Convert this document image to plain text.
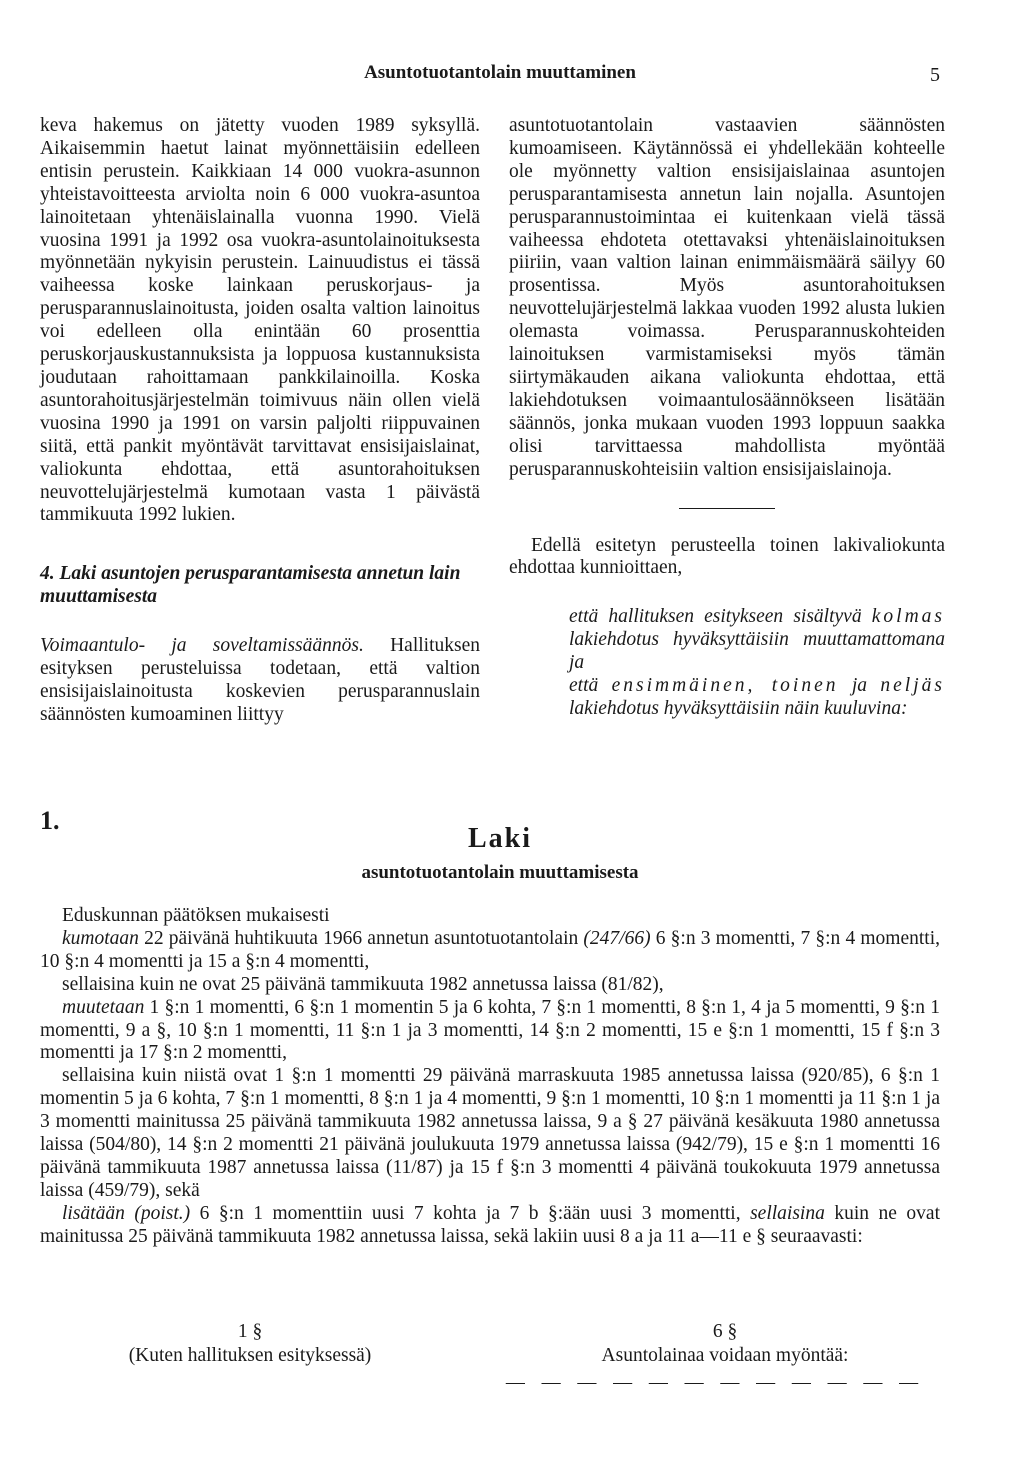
Asuntotuotantolain muuttaminen	5

keva hakemus on jätetty vuoden 1989 syksyllä. Aikaisemmin haetut lainat myönnettäisiin edelleen entisin perustein. Kaikkiaan 14 000 vuokra-asunnon yhteistavoitteesta arviolta noin 6 000 vuokra-asuntoa lainoitetaan yhtenäislainalla vuonna 1990. Vielä vuosina 1991 ja 1992 osa vuokra-asuntolainoituksesta myönnetään nykyisin perustein. Lainuudistus ei tässä vaiheessa koske lainkaan peruskorjaus- ja perusparannuslainoitusta, joiden osalta valtion lainoitus voi edelleen olla enintään 60 prosenttia peruskorjauskustannuksista ja loppuosa kustannuksista joudutaan rahoittamaan pankkilainoilla. Koska asuntorahoitusjärjestelmän toimivuus näin ollen vielä vuosina 1990 ja 1991 on varsin paljolti riippuvainen siitä, että pankit myöntävät tarvittavat ensisijaislainat, valiokunta ehdottaa, että asuntorahoituksen neuvottelujärjestelmä kumotaan vasta 1 päivästä tammikuuta 1992 lukien.

4. Laki asuntojen perusparantamisesta annetun lain muuttamisesta

Voimaantulo- ja soveltamissäännös. Hallituksen esityksen perusteluissa todetaan, että valtion ensisijaislainoitusta koskevien perusparannuslain säännösten kumoaminen liittyy

asuntotuotantolain vastaavien säännösten kumoamiseen. Käytännössä ei yhdellekään kohteelle ole myönnetty valtion ensisijaislainaa asuntojen perusparantamisesta annetun lain nojalla. Asuntojen perusparannustoimintaa ei kuitenkaan vielä tässä vaiheessa ehdoteta otettavaksi yhtenäislainoituksen piiriin, vaan valtion lainan enimmäismäärä säilyy 60 prosentissa. Myös asuntorahoituksen neuvottelujärjestelmä lakkaa vuoden 1992 alusta lukien olemasta voimassa. Perusparannuskohteiden lainoituksen varmistamiseksi myös tämän siirtymäkauden aikana valiokunta ehdottaa, että lakiehdotuksen voimaantulosäännökseen lisätään säännös, jonka mukaan vuoden 1993 loppuun saakka olisi tarvittaessa mahdollista myöntää perusparannuskohteisiin valtion ensisijaislainoja.

Edellä esitetyn perusteella toinen lakivaliokunta ehdottaa kunnioittaen,

että hallituksen esitykseen sisältyvä kolmas lakiehdotus hyväksyttäisiin muuttamattomana ja

että ensimmäinen, toinen ja neljäs lakiehdotus hyväksyttäisiin näin kuuluvina:

1.
Laki
asuntotuotantolain muuttamisesta

Eduskunnan päätöksen mukaisesti

kumotaan 22 päivänä huhtikuuta 1966 annetun asuntotuotantolain (247/66) 6 §:n 3 momentti, 7 §:n 4 momentti, 10 §:n 4 momentti ja 15 a §:n 4 momentti,

sellaisina kuin ne ovat 25 päivänä tammikuuta 1982 annetussa laissa (81/82),

muutetaan 1 §:n 1 momentti, 6 §:n 1 momentin 5 ja 6 kohta, 7 §:n 1 momentti, 8 §:n 1, 4 ja 5 momentti, 9 §:n 1 momentti, 9 a §, 10 §:n 1 momentti, 11 §:n 1 ja 3 momentti, 14 §:n 2 momentti, 15 e §:n 1 momentti, 15 f §:n 3 momentti ja 17 §:n 2 momentti,

sellaisina kuin niistä ovat 1 §:n 1 momentti 29 päivänä marraskuuta 1985 annetussa laissa (920/85), 6 §:n 1 momentin 5 ja 6 kohta, 7 §:n 1 momentti, 8 §:n 1 ja 4 momentti, 9 §:n 1 momentti, 10 §:n 1 momentti ja 11 §:n 1 ja 3 momentti mainitussa 25 päivänä tammikuuta 1982 annetussa laissa, 9 a § 27 päivänä kesäkuuta 1980 annetussa laissa (504/80), 14 §:n 2 momentti 21 päivänä joulukuuta 1979 annetussa laissa (942/79), 15 e §:n 1 momentti 16 päivänä tammikuuta 1987 annetussa laissa (11/87) ja 15 f §:n 3 momentti 4 päivänä toukokuuta 1979 annetussa laissa (459/79), sekä

lisätään (poist.) 6 §:n 1 momenttiin uusi 7 kohta ja 7 b §:ään uusi 3 momentti, sellaisina kuin ne ovat mainitussa 25 päivänä tammikuuta 1982 annetussa laissa, sekä lakiin uusi 8 a ja 11 a—11 e § seuraavasti:

1 §
(Kuten hallituksen esityksessä)
6 §
Asuntolainaa voidaan myöntää:
— — — — — — — — — — — —
